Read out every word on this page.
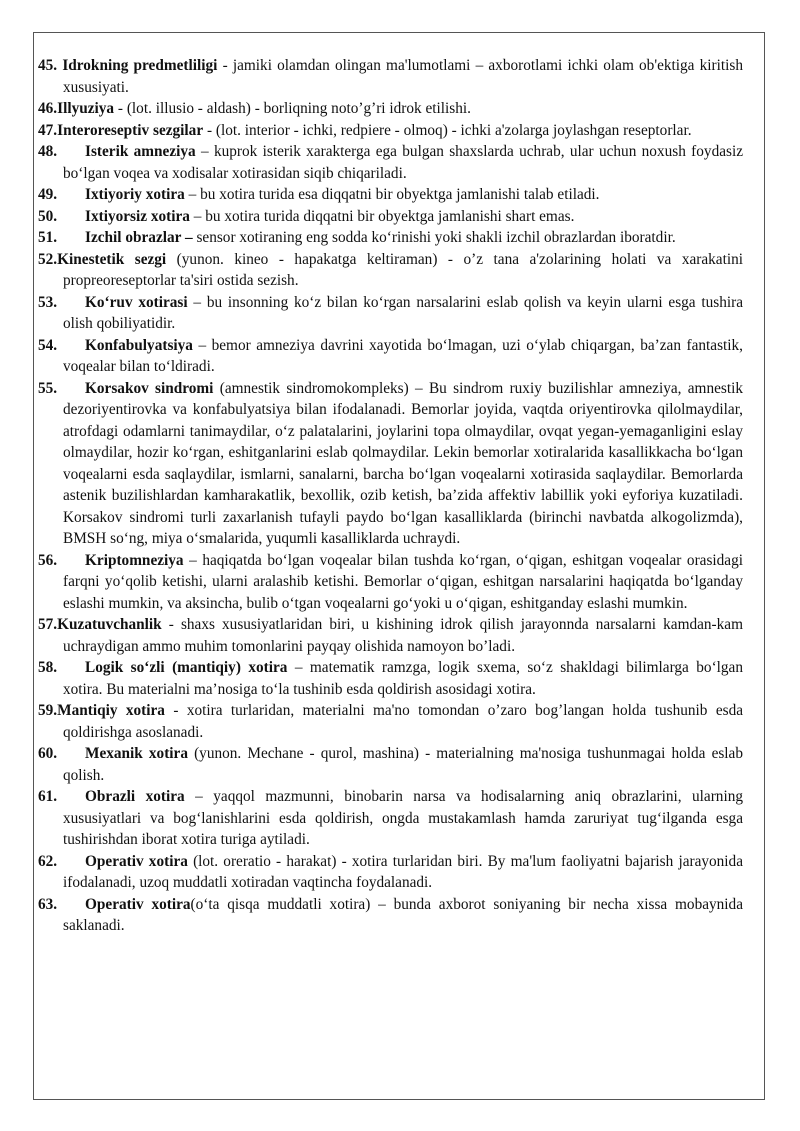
45. Idrokning predmetliligi - jamiki olamdan olingan ma'lumotlami – axborotlami ichki olam ob'ektiga kiritish xususiyati.

46.Illyuziya - (lot. illusio - aldash) - borliqning noto’g’ri idrok etilishi.

47.Interoreseptiv sezgilar - (lot. interior - ichki, redpiere - olmoq) - ichki a'zolarga joylashgan reseptorlar.

48. Isterik amneziya – kuprok isterik xarakterga ega bulgan shaxslarda uchrab, ular uchun noxush foydasiz bo‘lgan voqea va xodisalar xotirasidan siqib chiqariladi.

49. Ixtiyoriy xotira – bu xotira turida esa diqqatni bir obyektga jamlanishi talab etiladi.

50. Ixtiyorsiz xotira – bu xotira turida diqqatni bir obyektga jamlanishi shart emas.

51. Izchil obrazlar – sensor xotiraning eng sodda ko‘rinishi yoki shakli izchil obrazlardan iboratdir.

52.Kinestetik sezgi (yunon. kineo - hapakatga keltiraman) - o’z tana a'zolarining holati va xarakatini propreoreseptorlar ta'siri ostida sezish.

53. Ko‘ruv xotirasi – bu insonning ko‘z bilan ko‘rgan narsalarini eslab qolish va keyin ularni esga tushira olish qobiliyatidir.

54. Konfabulyatsiya – bemor amneziya davrini xayotida bo‘lmagan, uzi o‘ylab chiqargan, ba’zan fantastik, voqealar bilan to‘ldiradi.

55. Korsakov sindromi (amnestik sindromokompleks) – Bu sindrom ruxiy buzilishlar amneziya, amnestik dezoriyentirovka va konfabulyatsiya bilan ifodalanadi. Bemorlar joyida, vaqtda oriyentirovka qilolmaydilar, atrofdagi odamlarni tanimaydilar, o‘z palatalarini, joylarini topa olmaydilar, ovqat yegan-yemaganligini eslay olmaydilar, hozir ko‘rgan, eshitganlarini eslab qolmaydilar. Lekin bemorlar xotiralarida kasallikkacha bo‘lgan voqealarni esda saqlaydilar, ismlarni, sanalarni, barcha bo‘lgan voqealarni xotirasida saqlaydilar. Bemorlarda astenik buzilishlardan kamharakatlik, bexollik, ozib ketish, ba’zida affektiv labillik yoki eyforiya kuzatiladi. Korsakov sindromi turli zaxarlanish tufayli paydo bo‘lgan kasalliklarda (birinchi navbatda alkogolizmda), BMSH so‘ng, miya o‘smalarida, yuqumli kasalliklarda uchraydi.

56. Kriptomneziya – haqiqatda bo‘lgan voqealar bilan tushda ko‘rgan, o‘qigan, eshitgan voqealar orasidagi farqni yo‘qolib ketishi, ularni aralashib ketishi. Bemorlar o‘qigan, eshitgan narsalarini haqiqatda bo‘lganday eslashi mumkin, va aksincha, bulib o‘tgan voqealarni go‘yoki u o‘qigan, eshitganday eslashi mumkin.

57.Kuzatuvchanlik - shaxs xususiyatlaridan biri, u kishining idrok qilish jarayonnda narsalarni kamdan-kam uchraydigan ammo muhim tomonlarini payqay olishida namoyon bo’ladi.

58. Logik so‘zli (mantiqiy) xotira – matematik ramzga, logik sxema, so‘z shakldagi bilimlarga bo‘lgan xotira. Bu materialni ma’nosiga to‘la tushinib esda qoldirish asosidagi xotira.

59.Mantiqiy xotira - xotira turlaridan, materialni ma'no tomondan o’zaro bog’langan holda tushunib esda qoldirishga asoslanadi.

60. Mexanik xotira (yunon. Mechane - qurol, mashina) - materialning ma'nosiga tushunmagai holda eslab qolish.

61. Obrazli xotira – yaqqol mazmunni, binobarin narsa va hodisalarning aniq obrazlarini, ularning xususiyatlari va bog‘lanishlarini esda qoldirish, ongda mustakamlash hamda zaruriyat tug‘ilganda esga tushirishdan iborat xotira turiga aytiladi.

62. Operativ xotira (lot. oreratio - harakat) - xotira turlaridan biri. By ma'lum faoliyatni bajarish jarayonida ifodalanadi, uzoq muddatli xotiradan vaqtincha foydalanadi.

63. Operativ xotira(o‘ta qisqa muddatli xotira) – bunda axborot soniyaning bir necha xissa mobaynida saklanadi.
